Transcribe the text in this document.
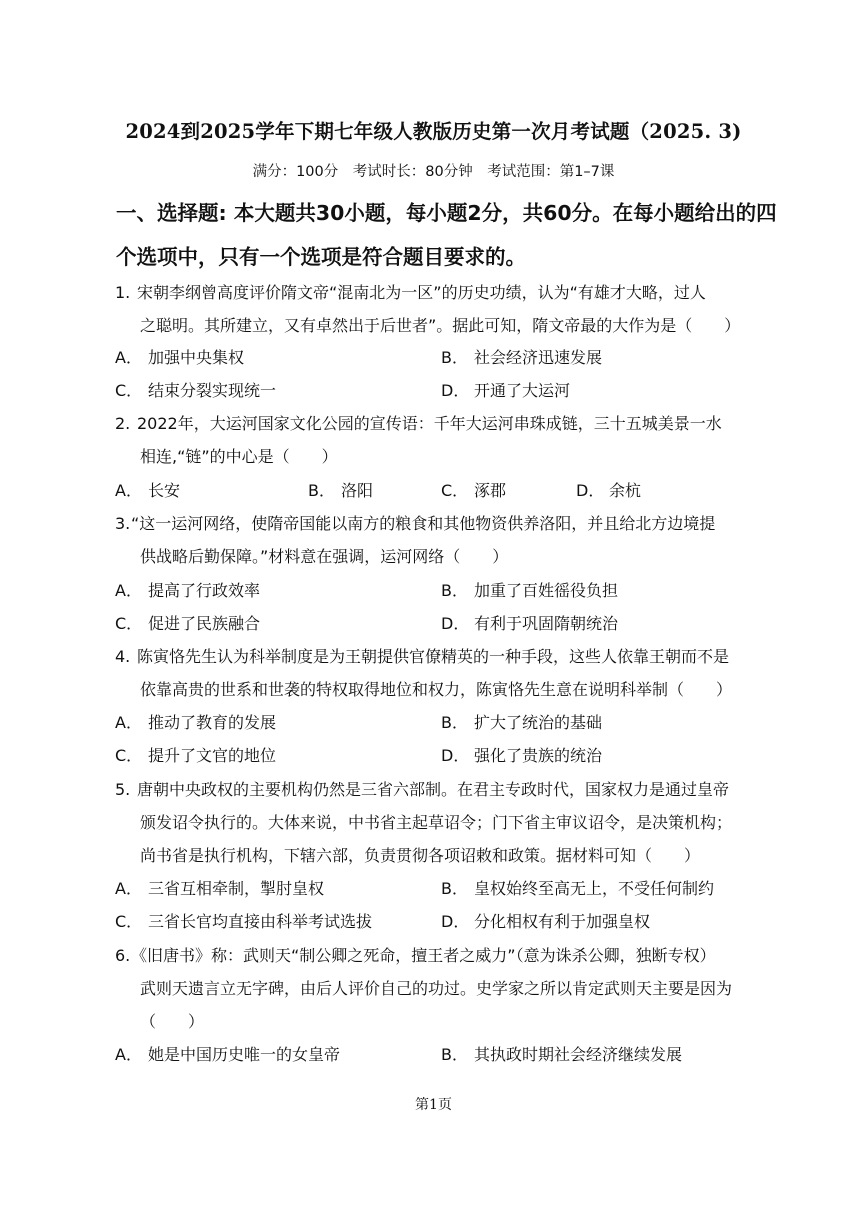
2024到2025学年下期七年级人教版历史第一次月考试题（2025. 3)
满分：100分　考试时长：80分钟　考试范围：第1–7课
一、选择题: 本大题共30小题，每小题2分，共60分。在每小题给出的四
个选项中，只有一个选项是符合题目要求的。
1. 宋朝李纲曾高度评价隋文帝“混南北为一区”的历史功绩，认为“有雄才大略，过人
之聪明。其所建立，又有卓然出于后世者”。据此可知，隋文帝最的大作为是（　　）
A． 加强中央集权	B． 社会经济迅速发展
C． 结束分裂实现统一	D． 开通了大运河
2. 2022年，大运河国家文化公园的宣传语：千年大运河串珠成链，三十五城美景一水
相连,“链”的中心是（　　）
A． 长安	B． 洛阳	C． 涿郡	D． 余杭
3. “这一运河网络，使隋帝国能以南方的粮食和其他物资供养洛阳，并且给北方边境提
供战略后勤保障。”材料意在强调，运河网络（　　）
A． 提高了行政效率	B． 加重了百姓徭役负担
C． 促进了民族融合	D． 有利于巩固隋朝统治
4. 陈寅恪先生认为科举制度是为王朝提供官僚精英的一种手段，这些人依靠王朝而不是
依靠高贵的世系和世袭的特权取得地位和权力，陈寅恪先生意在说明科举制（　　）
A． 推动了教育的发展	B． 扩大了统治的基础
C． 提升了文官的地位	D． 强化了贵族的统治
5. 唐朝中央政权的主要机构仍然是三省六部制。在君主专政时代，国家权力是通过皇帝
颁发诏令执行的。大体来说，中书省主起草诏令；门下省主审议诏令，是决策机构；
尚书省是执行机构，下辖六部，负责贯彻各项诏敕和政策。据材料可知（　　）
A． 三省互相牵制，掣肘皇权	B． 皇权始终至高无上，不受任何制约
C． 三省长官均直接由科举考试选拔	D． 分化相权有利于加强皇权
6. 《旧唐书》称：武则天“制公卿之死命，擅王者之威力”（意为诛杀公卿，独断专权）
武则天遗言立无字碑，由后人评价自己的功过。史学家之所以肯定武则天主要是因为
（　　）
A． 她是中国历史唯一的女皇帝	B． 其执政时期社会经济继续发展
第1页
